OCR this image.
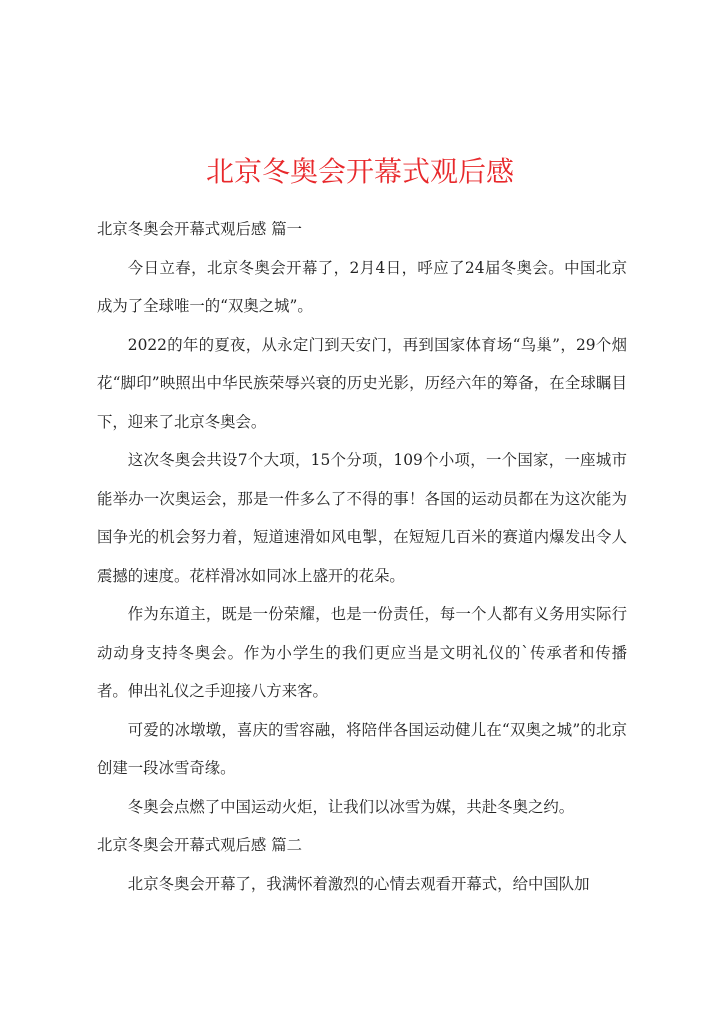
北京冬奥会开幕式观后感

北京冬奥会开幕式观后感 篇一

今日立春，北京冬奥会开幕了，2月4日，呼应了24届冬奥会。中国北京成为了全球唯一的“双奥之城”。

2022的年的夏夜，从永定门到天安门，再到国家体育场“鸟巢”，29个烟花“脚印”映照出中华民族荣辱兴衰的历史光影，历经六年的筹备，在全球瞩目下，迎来了北京冬奥会。

这次冬奥会共设7个大项，15个分项，109个小项，一个国家，一座城市能举办一次奥运会，那是一件多么了不得的事！各国的运动员都在为这次能为国争光的机会努力着，短道速滑如风电掣，在短短几百米的赛道内爆发出令人震撼的速度。花样滑冰如同冰上盛开的花朵。

作为东道主，既是一份荣耀，也是一份责任，每一个人都有义务用实际行动动身支持冬奥会。作为小学生的我们更应当是文明礼仪的`传承者和传播者。伸出礼仪之手迎接八方来客。

可爱的冰墩墩，喜庆的雪容融，将陪伴各国运动健儿在“双奥之城”的北京创建一段冰雪奇缘。

冬奥会点燃了中国运动火炬，让我们以冰雪为媒，共赴冬奥之约。

北京冬奥会开幕式观后感 篇二

北京冬奥会开幕了，我满怀着激烈的心情去观看开幕式，给中国队加
